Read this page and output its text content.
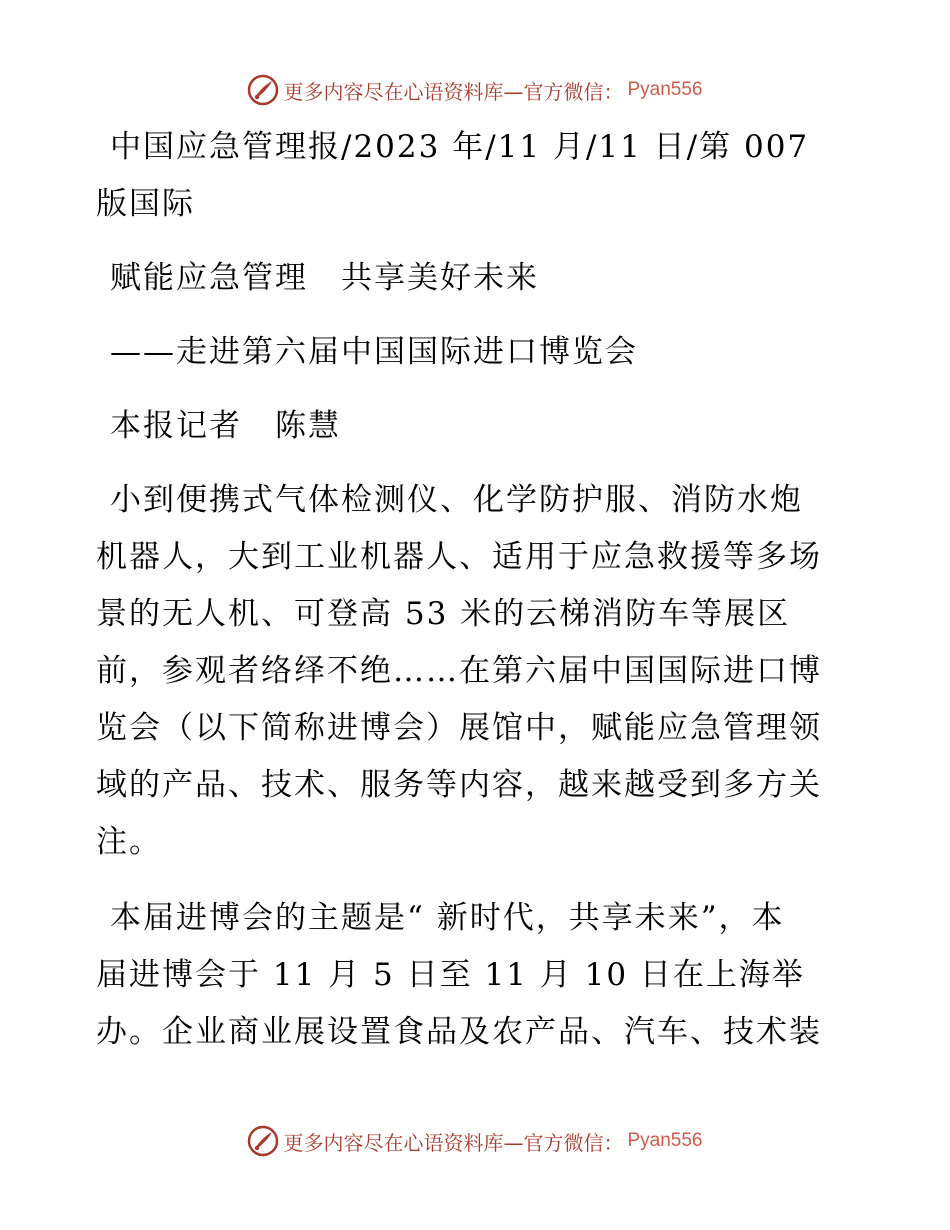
更多内容尽在心语资料库—官方微信： Pyan556
中国应急管理报/2023 年/11 月/11 日/第 007
版国际
赋能应急管理　共享美好未来
——走进第六届中国国际进口博览会
本报记者　陈慧
小到便携式气体检测仪、化学防护服、消防水炮
机器人，大到工业机器人、适用于应急救援等多场
景的无人机、可登高 53 米的云梯消防车等展区
前，参观者络绎不绝……在第六届中国国际进口博
览会（以下简称进博会）展馆中，赋能应急管理领
域的产品、技术、服务等内容，越来越受到多方关
注。
本届进博会的主题是“ 新时代，共享未来”，本
届进博会于 11 月 5 日至 11 月 10 日在上海举
办。企业商业展设置食品及农产品、汽车、技术装
更多内容尽在心语资料库—官方微信： Pyan556
